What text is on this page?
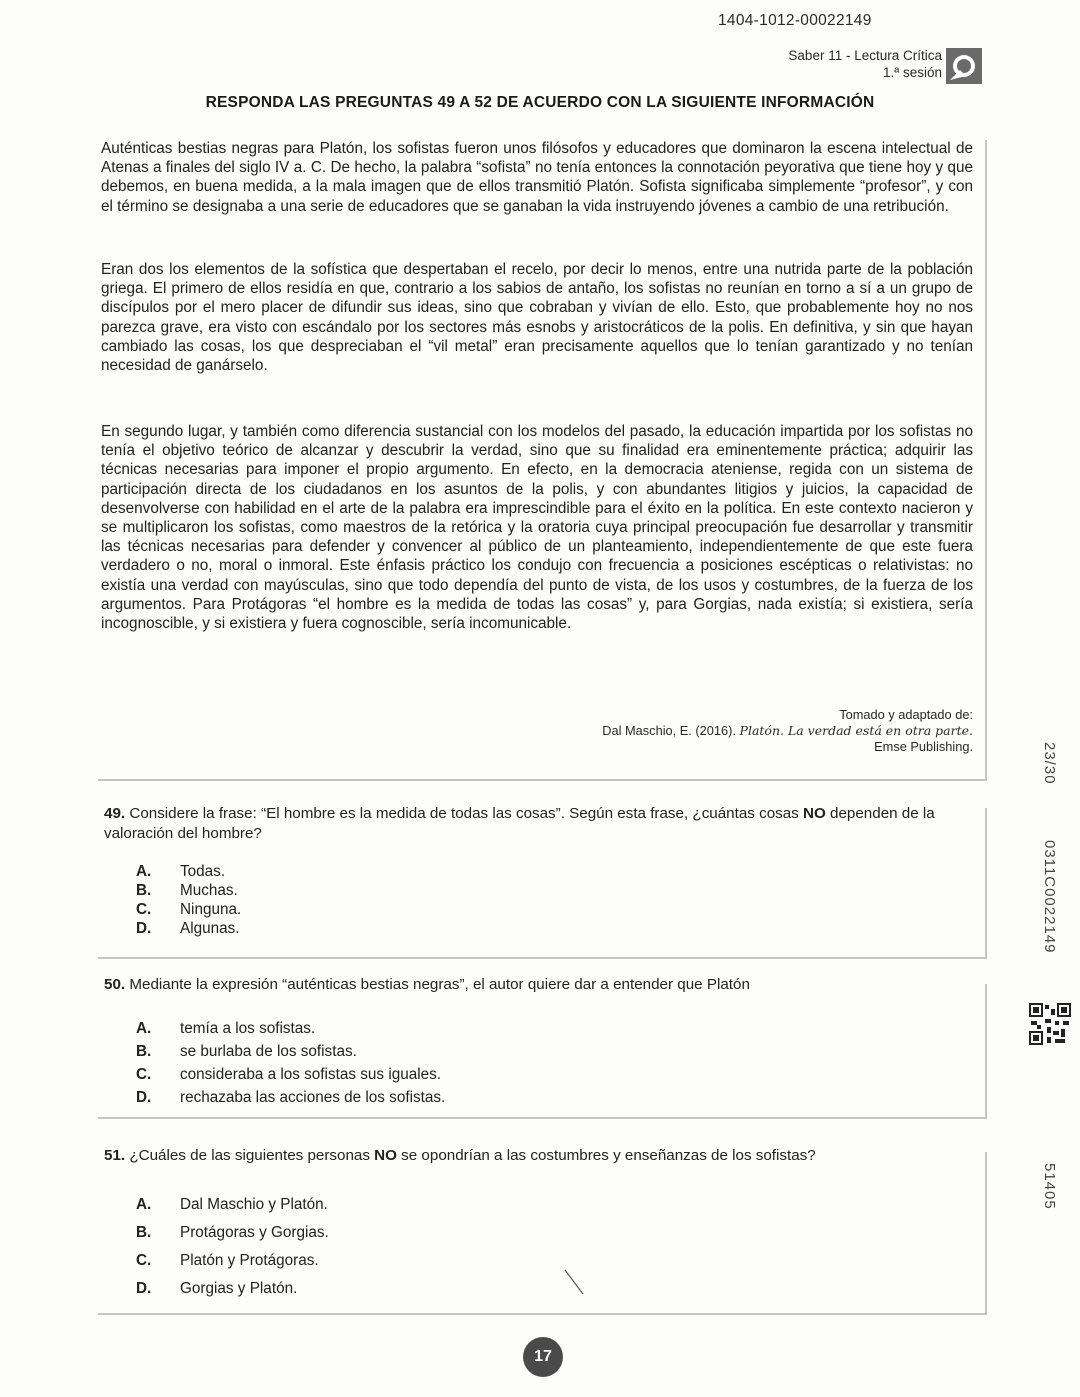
1404-1012-00022149
Saber 11 - Lectura Crítica
1.ª sesión
RESPONDA LAS PREGUNTAS 49 A 52 DE ACUERDO CON LA SIGUIENTE INFORMACIÓN

Auténticas bestias negras para Platón, los sofistas fueron unos filósofos y educadores que dominaron la escena intelectual de Atenas a finales del siglo IV a. C. De hecho, la palabra “sofista” no tenía entonces la connotación peyorativa que tiene hoy y que debemos, en buena medida, a la mala imagen que de ellos transmitió Platón. Sofista significaba simplemente “profesor”, y con el término se designaba a una serie de educadores que se ganaban la vida instruyendo jóvenes a cambio de una retribución.

Eran dos los elementos de la sofística que despertaban el recelo, por decir lo menos, entre una nutrida parte de la población griega. El primero de ellos residía en que, contrario a los sabios de antaño, los sofistas no reunían en torno a sí a un grupo de discípulos por el mero placer de difundir sus ideas, sino que cobraban y vivían de ello. Esto, que probablemente hoy no nos parezca grave, era visto con escándalo por los sectores más esnobs y aristocráticos de la polis. En definitiva, y sin que hayan cambiado las cosas, los que despreciaban el “vil metal” eran precisamente aquellos que lo tenían garantizado y no tenían necesidad de ganárselo.

En segundo lugar, y también como diferencia sustancial con los modelos del pasado, la educación impartida por los sofistas no tenía el objetivo teórico de alcanzar y descubrir la verdad, sino que su finalidad era eminentemente práctica; adquirir las técnicas necesarias para imponer el propio argumento. En efecto, en la democracia ateniense, regida con un sistema de participación directa de los ciudadanos en los asuntos de la polis, y con abundantes litigios y juicios, la capacidad de desenvolverse con habilidad en el arte de la palabra era imprescindible para el éxito en la política. En este contexto nacieron y se multiplicaron los sofistas, como maestros de la retórica y la oratoria cuya principal preocupación fue desarrollar y transmitir las técnicas necesarias para defender y convencer al público de un planteamiento, independientemente de que este fuera verdadero o no, moral o inmoral. Este énfasis práctico los condujo con frecuencia a posiciones escépticas o relativistas: no existía una verdad con mayúsculas, sino que todo dependía del punto de vista, de los usos y costumbres, de la fuerza de los argumentos. Para Protágoras “el hombre es la medida de todas las cosas” y, para Gorgias, nada existía; si existiera, sería incognoscible, y si existiera y fuera cognoscible, sería incomunicable.

Tomado y adaptado de:
Dal Maschio, E. (2016). Platón. La verdad está en otra parte.
Emse Publishing.
49. Considere la frase: “El hombre es la medida de todas las cosas”. Según esta frase, ¿cuántas cosas NO dependen de la valoración del hombre?
A. Todas.
B. Muchas.
C. Ninguna.
D. Algunas.
50. Mediante la expresión “auténticas bestias negras”, el autor quiere dar a entender que Platón
A. temía a los sofistas.
B. se burlaba de los sofistas.
C. consideraba a los sofistas sus iguales.
D. rechazaba las acciones de los sofistas.
51. ¿Cuáles de las siguientes personas NO se opondrían a las costumbres y enseñanzas de los sofistas?
A. Dal Maschio y Platón.
B. Protágoras y Gorgias.
C. Platón y Protágoras.
D. Gorgias y Platón.
23/30
0311C002214​9
51405
17
